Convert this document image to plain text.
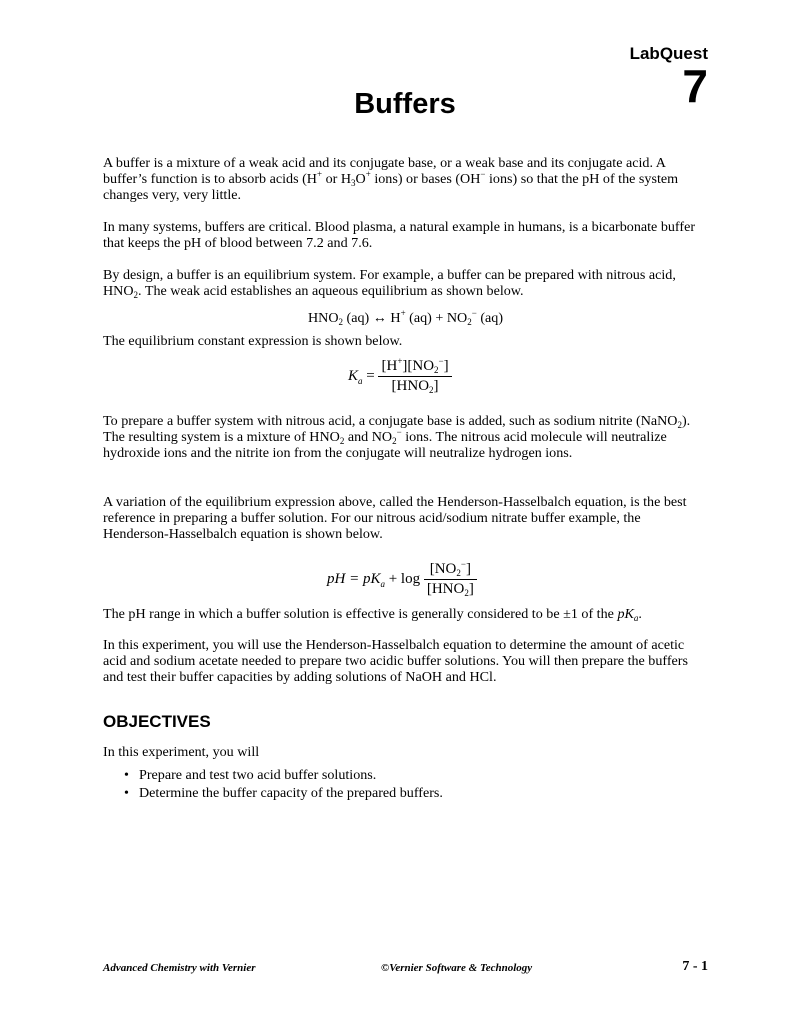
LabQuest
7
Buffers

A buffer is a mixture of a weak acid and its conjugate base, or a weak base and its conjugate acid. A buffer’s function is to absorb acids (H+ or $H_3O^+$ ions) or bases (OH− ions) so that the pH of the system changes very, very little.

In many systems, buffers are critical. Blood plasma, a natural example in humans, is a bicarbonate buffer that keeps the pH of blood between 7.2 and 7.6.

By design, a buffer is an equilibrium system. For example, a buffer can be prepared with nitrous acid, $HNO_2$. The weak acid establishes an aqueous equilibrium as shown below.

$HNO_2$ (aq) ↔ H+ $(aq) + NO_2^-$ (aq)

The equilibrium constant expression is shown below.

$K_a = \frac{[H^+][NO_2^-]}{[HNO_2]}$

To prepare a buffer system with nitrous acid, a conjugate base is added, such as sodium nitrite (NaNO$_2$). The resulting system is a mixture of $HNO_2$ and $NO_2^-$ ions. The nitrous acid molecule will neutralize hydroxide ions and the nitrite ion from the conjugate will neutralize hydrogen ions.

A variation of the equilibrium expression above, called the Henderson-Hasselbalch equation, is the best reference in preparing a buffer solution. For our nitrous acid/sodium nitrate buffer example, the Henderson-Hasselbalch equation is shown below.

pH = $pK_a + \log \frac{[NO_2^-]}{[HNO_2]}$

The pH range in which a buffer solution is effective is generally considered to be ±1 of the $pK_a$.

In this experiment, you will use the Henderson-Hasselbalch equation to determine the amount of acetic acid and sodium acetate needed to prepare two acidic buffer solutions. You will then prepare the buffers and test their buffer capacities by adding solutions of NaOH and HCl.

OBJECTIVES

In this experiment, you will

• Prepare and test two acid buffer solutions.
• Determine the buffer capacity of the prepared buffers.
Advanced Chemistry with Vernier	©Vernier Software & Technology	7 - 1
